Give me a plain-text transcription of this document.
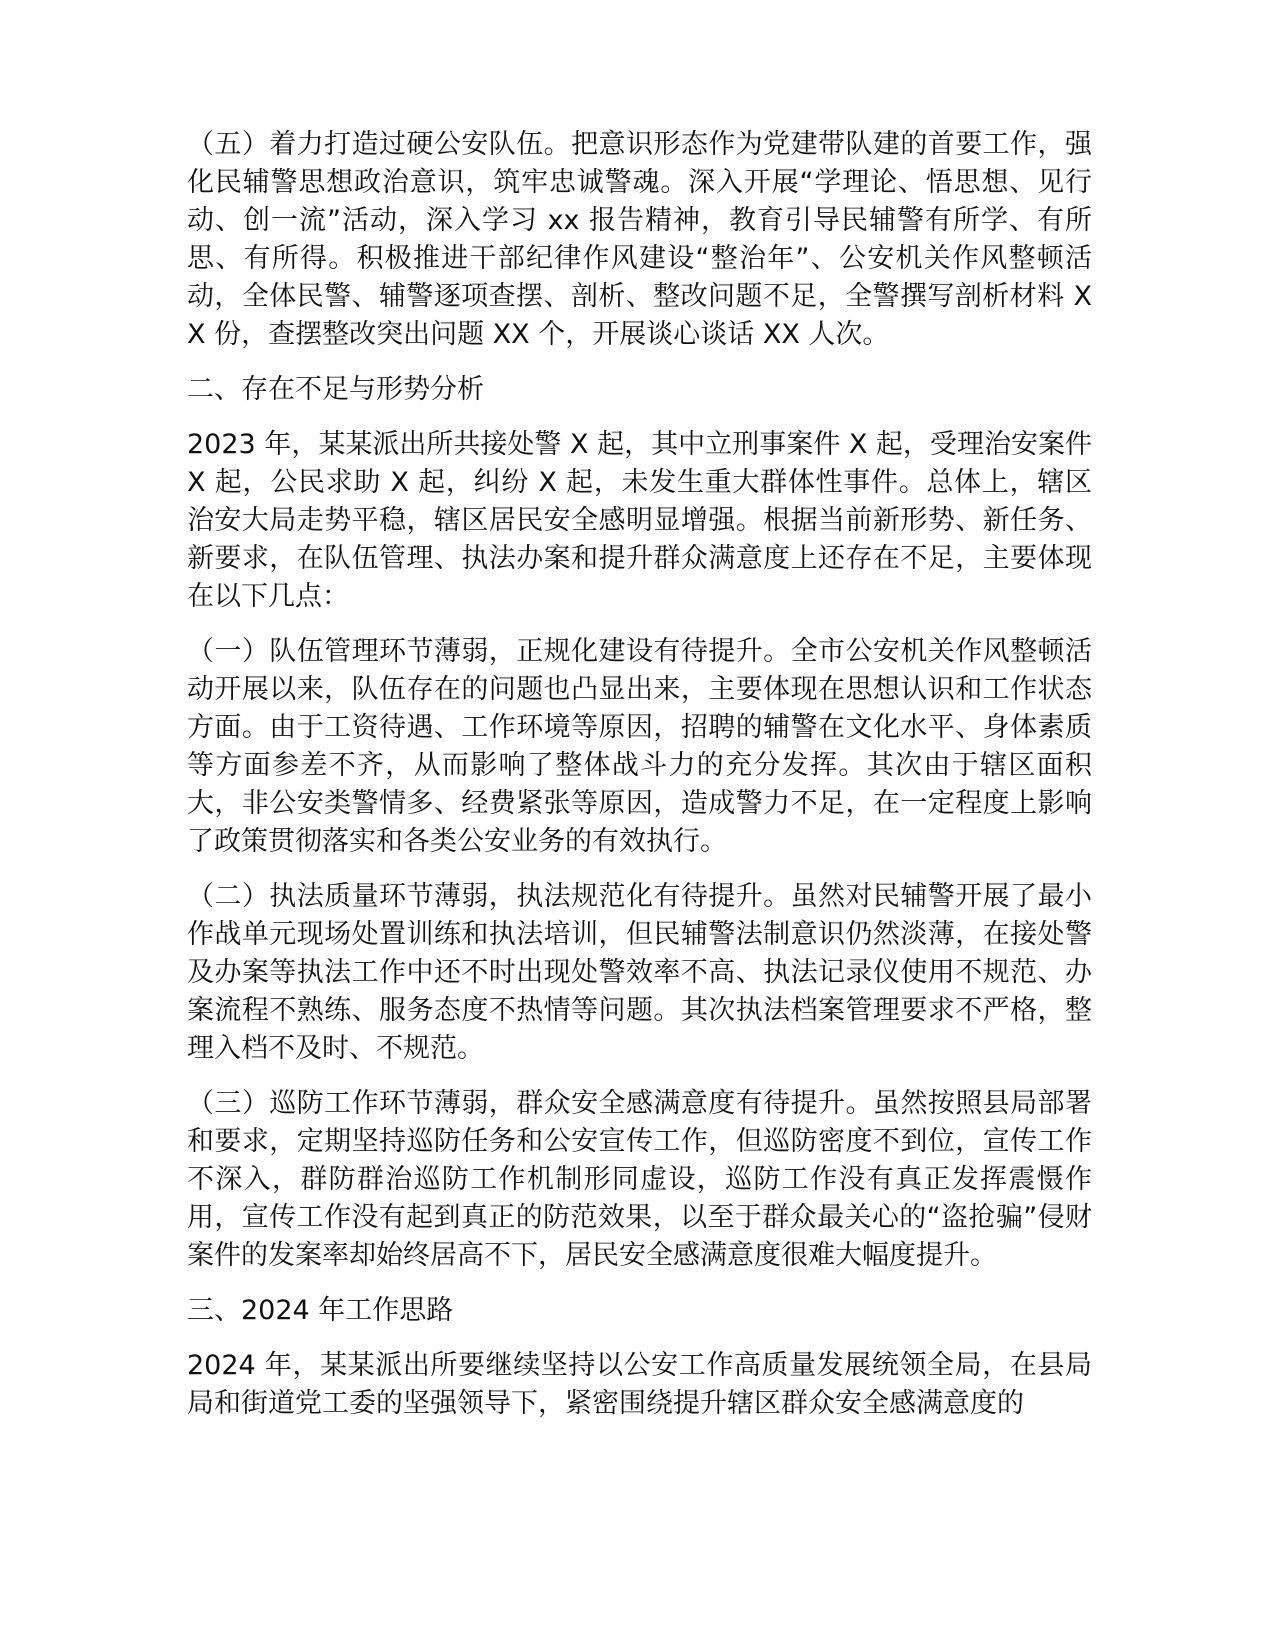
（五）着力打造过硬公安队伍。把意识形态作为党建带队建的首要工作，强化民辅警思想政治意识，筑牢忠诚警魂。深入开展“学理论、悟思想、见行动、创一流”活动，深入学习 xx 报告精神，教育引导民辅警有所学、有所思、有所得。积极推进干部纪律作风建设“整治年”、公安机关作风整顿活动，全体民警、辅警逐项查摆、剖析、整改问题不足，全警撰写剖析材料 XX 份，查摆整改突出问题 XX 个，开展谈心谈话 XX 人次。

二、存在不足与形势分析

2023 年，某某派出所共接处警 X 起，其中立刑事案件 X 起，受理治安案件 X 起，公民求助 X 起，纠纷 X 起，未发生重大群体性事件。总体上，辖区治安大局走势平稳，辖区居民安全感明显增强。根据当前新形势、新任务、新要求，在队伍管理、执法办案和提升群众满意度上还存在不足，主要体现在以下几点：

（一）队伍管理环节薄弱，正规化建设有待提升。全市公安机关作风整顿活动开展以来，队伍存在的问题也凸显出来，主要体现在思想认识和工作状态方面。由于工资待遇、工作环境等原因，招聘的辅警在文化水平、身体素质等方面参差不齐，从而影响了整体战斗力的充分发挥。其次由于辖区面积大，非公安类警情多、经费紧张等原因，造成警力不足，在一定程度上影响了政策贯彻落实和各类公安业务的有效执行。

（二）执法质量环节薄弱，执法规范化有待提升。虽然对民辅警开展了最小作战单元现场处置训练和执法培训，但民辅警法制意识仍然淡薄，在接处警及办案等执法工作中还不时出现处警效率不高、执法记录仪使用不规范、办案流程不熟练、服务态度不热情等问题。其次执法档案管理要求不严格，整理入档不及时、不规范。

（三）巡防工作环节薄弱，群众安全感满意度有待提升。虽然按照县局部署和要求，定期坚持巡防任务和公安宣传工作，但巡防密度不到位，宣传工作不深入，群防群治巡防工作机制形同虚设，巡防工作没有真正发挥震慑作用，宣传工作没有起到真正的防范效果，以至于群众最关心的“盗抢骗”侵财案件的发案率却始终居高不下，居民安全感满意度很难大幅度提升。

三、2024 年工作思路

2024 年，某某派出所要继续坚持以公安工作高质量发展统领全局，在县局局和街道党工委的坚强领导下，紧密围绕提升辖区群众安全感满意度的
